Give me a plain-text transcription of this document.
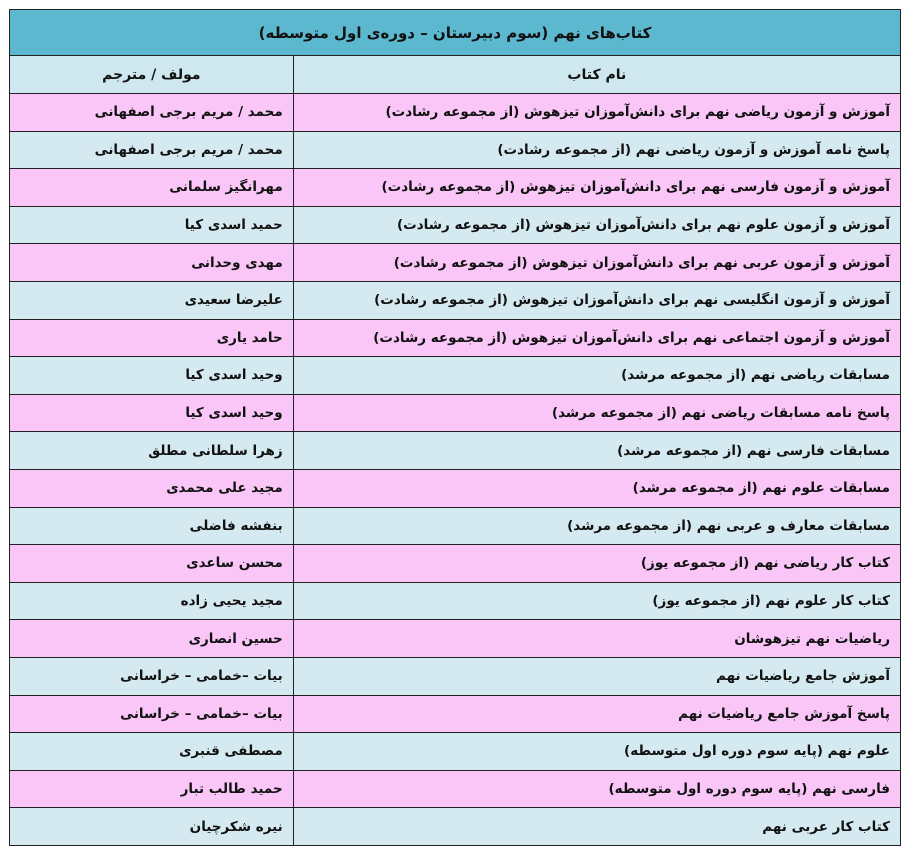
کتاب‌های نهم (سوم دبیرستان – دوره‌ی اول متوسطه)	
نام کتاب	مولف / مترجم
آموزش و آزمون ریاضی نهم برای دانش‌آموزان تیزهوش (از مجموعه رشادت)	محمد / مریم برجی اصفهانی
پاسخ نامه آموزش و آزمون ریاضی نهم (از مجموعه رشادت)	محمد / مریم برجی اصفهانی
آموزش و آزمون فارسی نهم برای دانش‌آموزان تیزهوش (از مجموعه رشادت)	مهرانگیز سلمانی
آموزش و آزمون علوم نهم برای دانش‌آموزان تیزهوش (از مجموعه رشادت)	حمید اسدی کیا
آموزش و آزمون عربی نهم برای دانش‌آموزان تیزهوش (از مجموعه رشادت)	مهدی وحدانی
آموزش و آزمون انگلیسی نهم برای دانش‌آموزان تیزهوش (از مجموعه رشادت)	علیرضا سعیدی
آموزش و آزمون اجتماعی نهم برای دانش‌آموزان تیزهوش (از مجموعه رشادت)	حامد یاری
مسابقات ریاضی نهم (از مجموعه مرشد)	وحید اسدی کیا
پاسخ نامه مسابقات ریاضی نهم (از مجموعه مرشد)	وحید اسدی کیا
مسابقات فارسی نهم (از مجموعه مرشد)	زهرا سلطانی مطلق
مسابقات علوم نهم (از مجموعه مرشد)	مجید علی محمدی
مسابقات معارف و عربی نهم (از مجموعه مرشد)	بنفشه فاضلی
کتاب کار ریاضی نهم (از مجموعه یوز)	محسن ساعدی
کتاب کار علوم نهم (از مجموعه یوز)	مجید یحیی زاده
ریاضیات نهم تیزهوشان	حسین انصاری
آموزش جامع ریاضیات نهم	بیات –خمامی – خراسانی
پاسخ آموزش جامع ریاضیات نهم	بیات –خمامی – خراسانی
علوم نهم (پایه سوم دوره اول متوسطه)	مصطفی قنبری
فارسی نهم (پایه سوم دوره اول متوسطه)	حمید طالب تبار
کتاب کار عربی نهم	نیره شکرچیان
